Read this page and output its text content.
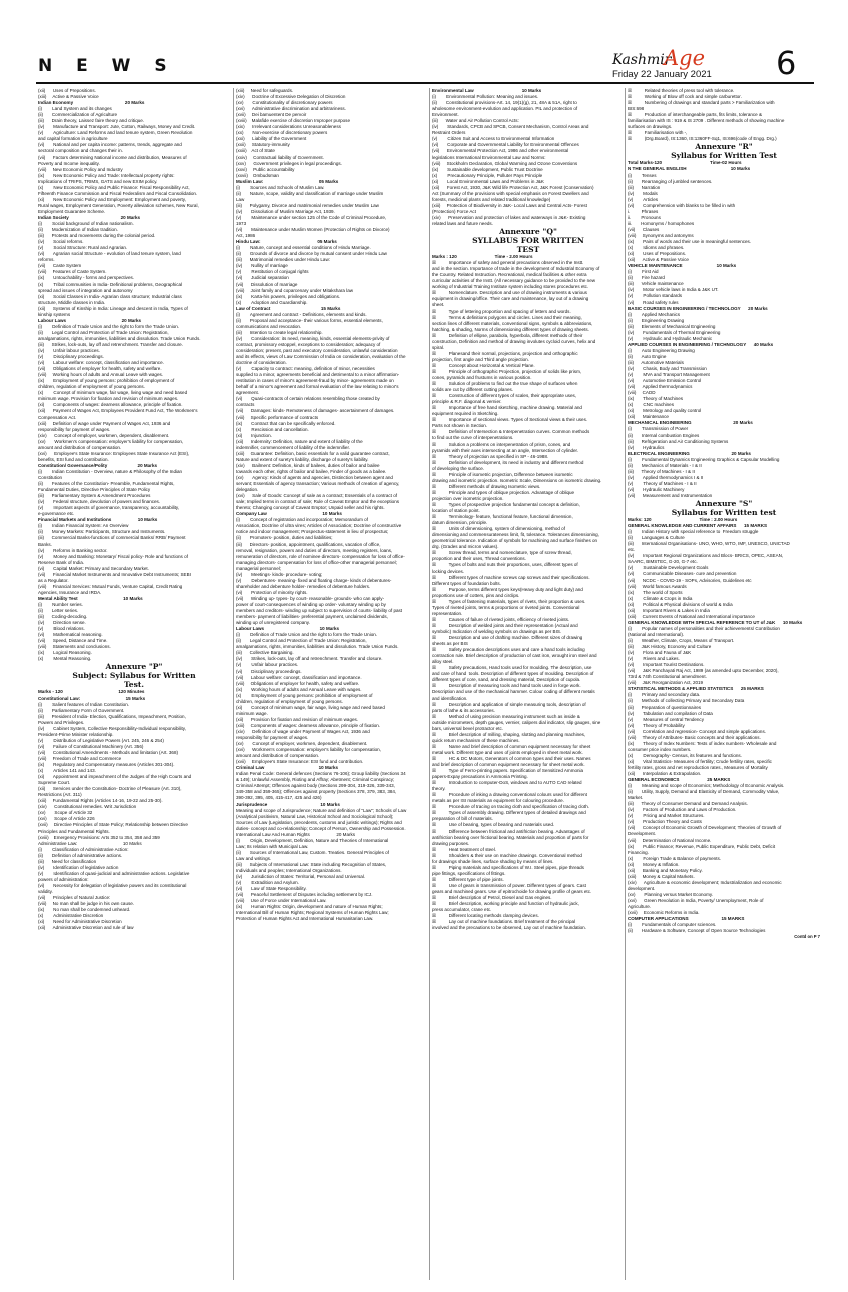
N E W S	Kashmir
Age
Friday 22 January 2021 6

(xii)      Uses of Prepositions.

(xiii)     Active & Passive Voice

Indian Economy                                         20 Marks

(i)        Land System and its changes

(ii)       Commercialization of Agriculture

(iii)      Drain theory, Laissez faire theory and critique.

(iv)       Manufacture and Transport: Jute, Cotton, Railways, Money and Credit.

(v)        Agriculture: Land Reforms and land tenure system, Green Revolution

and capital formation in agriculture

(vi)       National and per capita income: patterns, trends, aggregate and

sectoral composition and changes their in.

(vii)      Factors determining National income and distribution, Measures of

Poverty and Income inequality.

(viii)     New Economic Policy and Industry

(ix)       New Economic Policy and Trade: Intellectual property rights:

Implications of TRIPS, TRIMS, GATS and new EXIM policy.

(x)        New Economic Policy and Public Finance: Fiscal Responsibility Act,

Fifteenth Finance Commission and Fiscal Federalism and Fiscal Consolidation.

(xi)       New Economic Policy and Employment: Employment and poverty,

Rural wages, Employment Generation, Poverty alleviation schemes, New Rural,

Employment Guarantee Scheme.

Indian Society                                         20 Marks

(i)        Social background of Indian nationalism.

(ii)       Modernization of Indian tradition.

(iii)      Protests and movements during the colonial period.

(iv)       Social reforms.

(v)        Social Structure: Rural and Agrarian.

(vi)       Agrarian social Structure - evolution of land tenure system, land

reforms.

(vii)      Caste System

(viii)     Features of Caste System.

(ix)       Untouchability - forms and perspectives.

(x)        Tribal communities in India- Definitional problems, Geographical

spread and issues of integration and autonomy

(xi)       Social Classes in India- Agrarian class structure; Industrial class

structure, Middle classes in India.

(xii)      Systems of Kinship in India: Lineage and descent in India, Types of

kinship systems

Labour Laws                                            20 Marks

(i)        Definition of Trade Union and the right to form the Trade Union.

(ii)       Legal Control and Protection of Trade Union: Registration,

amalgamations, rights, immunities, liabilities and dissolution. Trade Union Funds.

(iii)      Strikes, lock-outs, lay off and retrenchment. Transfer and closure.

(iv)       Unfair labour practices.

(v)        Disciplinary proceedings.

(vi)       Labour welfare: concept, classification and importance.

(vii)      Obligations of employer for health, safety and welfare.

(viii)     Working hours of adults and Annual Leave with wages.

(ix)       Employment of young persons: prohibition of employment of

children, regulation of employment of young persons.

(x)        Concept of minimum wage, fair wage, living wage and need based

minimum wage. Provision for fixation and revision of minimum wages.

(xi)       Components of wages: dearness allowance, principle of fixation.

(xii)      Payment of Wages Act, Employees Provident Fund Act, The Workmen's

Compensation Act.

(xiii)     Definition of wage under Payment of Wages Act, 1936 and

responsibility for payment of wages.

(xiv)      Concept of employer, workmen, dependent, disablement.

(xv)       Workmen's compensation: employer's liability for compensation,

amount and distribution of compensation.

(xvi)      Employee's State Insurance: Employees State Insurance Act (ESI),

benefits, ESI fund and contribution.

Constitution/ Governance/Polity                        20 Marks

(i)        Indian Constitution - Overview, nature & Philosophy of the Indian

Constitution

(ii)       Features of the Constitution- Preamble, Fundamental Rights,

Fundamental Duties, Directive Principles of State Policy

(iii)      Parliamentary System & Amendment Procedures

(iv)       Federal structure, devolution of powers and finances.

(v)        Important aspects of governance, transparency, accountability,

e-governance etc.

Financial Markets and Institutions                     10 Marks

(i)        Indian Financial System: An Overview

(ii)       Money Markets: Participants, Structure and Instruments.

(iii)      Commercial Banks-functions of commercial Banks/ RRB/ Payment

Banks.

(iv)       Reforms in Banking sector.

(v)        Money and Banking: Monetary/ Fiscal policy- Role and functions of

Reserve Bank of India.

(vi)       Capital Market: Primary and Secondary Market.

(vii)      Financial Market Instruments and Innovative Debt Instruments; SEBI

as a Regulator.

(viii)     Financial Services: Mutual Funds, Venture Capital, Credit Rating

Agencies, Insurance and IRDA.

Mental Ability Test                                    10 Marks

(i)        Number series.

(ii)       Letter series.

(iii)      Coding-decoding.

(iv)       Direction sense.

(v)        Blood relations.

(vi)       Mathematical reasoning.

(vii)      Speed, Distance and Time.

(viii)     Statements and conclusions.

(ix)       Logical Reasoning.

(x)        Mental Reasoning.

Annexure "P"

Subject: Syllabus for Written

Test.

Marks - 120                                            120 Minutes

Constitutional Law:                                    15 Marks

(i)        Salient features of Indian Constitution.

(ii)       Parliamentary Form of Government.

(iii)      President of India- Election, Qualifications, Impeachment, Position,

Powers and Privileges.

(iv)       Cabinet System, Collective Responsibility-Individual responsibility,

President-Prime Minister relationship.

(v)        Distribution of Legislative Powers (Art. 245, 246 & 254)

(vi)       Failure of Constitutional Machinery (Art. 356)

(vii)      Constitutional Amendments - Methods and limitation (Art. 368)

(viii)     Freedom of Trade and Commerce

(ix)       Regulatory and Compensatory measures (Articles 301-304).

(x)        Articles 141 and 143.

(xi)       Appointment and impeachment of the Judges of the High Courts and

Supreme Court.

(xii)      Services under the Constitution- Doctrine of Pleasure (Art. 310),

Restrictions (Art. 311)

(xiii)     Fundamental Rights (Articles 14-16, 19-22 and 25-30).

(xiv)      Constitutional remedies. Writ Jurisdiction

(xv)       Scope of Article 32

(xvi)      Scope of Article 226

(xvii)     Directive Principles of State Policy; Relationship between Directive

Principles and Fundamental Rights.

(xviii)    Emergency Provisions: Arts 352 to 354, 358 and 359

Administrative Law:                                    10 Marks

(i)        Classification of Administrative Action:

(ii)       Definition of administrative actions.

(iii)      Need for classification

(iv)       Identification of legislative action

(v)        Identification of quasi-judicial and administrative actions. Legislative

powers of administration:

(vi)       Necessity for delegation of legislative powers and its constitutional

validity.

(vii)      Principles of Natural Justice:

(viii)     No man shall be judge in his own cause.

(ix)       No man shall be condemned unheard.

(x)        Administrative Discretion

(xi)       Need for Administrative Discretion

(xii)      Administrative Discretion and rule of law

(xiii)     Need for safeguards.

(xiv)      Doctrine of Excessive Delegation of Discretion

(xv)       Constitutionality of discretionary powers

(xvi)      Administrative discrimination and arbitrariness.

(xvii)     Dei bamuentent De pervoir

(xviii)    Malafide exercise of discretion Improper purpose

(xix)      Irrelevant considerations Unreasonableness

(xx)       Non-exercise of discretionary powers

(xxi)      Liability of the Government

(xxii)     Statutory-immunity

(xxiii)    Act of State

(xxiv)     Contractual liability of Government.

(xxv)      Government privileges in legal proceedings.

(xxvi)     Public accountability

(xxvii)    Ombudsman

Muslim Law:                                            05 Marks

(i)        Sources and Schools of Muslim Law.

(ii)       Nature, scope, validity and classification of marriage under Muslim

Law

(iii)      Polygamy, Divorce and matrimonial remedies under Muslim Law

(iv)       Dissolution of Muslim Marriage Act, 1939.

(v)        Maintenance under section 125 of the Code of Criminal Procedure,

1973

(vi)       Maintenance under Muslim Women (Protection of Rights on Divorce)

Act, 1986

Hindu Law:                                             05 Marks

(i)        Nature, concept and essential conditions of Hindu Marriage.

(ii)       Grounds of divorce and divorce by mutual consent under Hindu Law

(iii)      Matrimonial remedies under Hindu Law:

(iv)       Nullity of marriage

(v)        Restitution of conjugal rights

(vi)       Judicial separation

(vii)      Dissolution of marriage

(viii)     Joint family and coparcenary under Mitakshara law

(ix)       Karta-his powers, privileges and obligations.

(x)        Adoption and Guardianship.

Law of Contract                                        15 Marks

(i)        Agreement and contract - Definitions, elements and kinds.

(ii)       Proposal and acceptance- their various forms, essential elements,

communications and revocation.

(iii)      Intention to create legal relationship.

(iv)       Consideration: its need, meaning, kinds, essential elements-privity of

contract, promissory estoppel, exceptions to consideration; adequacy of

consideration; present, past and executory consideration, unlawful consideration

and its effects, views of Law Commission of India on consideration, evaluation of the

doctrine of consideration.

(v)        Capacity to contract: meaning, definition of minor, necessities

supplied to a minor, agreements beneficial and detrimental to a minor affirmation-

restitution in cases of minor's agreement-fraud by minor- agreements made on

behalf of a minor's agreement and formal evaluation of the law relating to minor's

agreement.

(vi)       Quasi-contracts of certain relations resembling those created by

contracts

(vii)      Damages: kinds- Remoteness of damages- ascertainment of damages.

(viii)     Specific performance of contracts

(ix)       Contract that can be specifically enforced.

(x)        Rescission and cancellation.

(xi)       Injunction.

(xii)      Indemnity: Definition, nature and extent of liability of the

indemnifier, commencement of liability of the indemnifier.

(xiii)     Guarantee: Definition, basic essentials for a valid guarantee contract,

Nature and extent of surety's liability, discharge of surety's liability.

(xiv)      Bailment: Definition, kinds of bailees, duties of bailor and bailee

towards each other, rights of bailor and bailee, Finder of goods as a bailee.

(xv)       Agency: Kinds of agents and agencies, Distinction between agent and

servant; Essentials of agency transaction; Various methods of creation of agency,

delegation.

(xvi)      Sale of Goods: Concept of sale as a contract; Essentials of a contract of

sale; Implied terms in contract of sale; Rule of Caveat Emptor and the exceptions

thereto; Changing concept of Caveat Emptor; Unpaid seller and his rights.

Company Law                                            10 Marks

(i)        Concept of registration and incorporation; Memorandum of

Association, Doctrine of ultra vires; Articles of Association; Doctrine of constructive

notice and indoor management; Prospectus-statement in lieu of prospectus;

(ii)       Promoters- position, duties and liabilities;

(iii)      Directors- position, appointment, qualifications, vacation of office,

removal, resignation, powers and duties of directors, meeting registers, loans,

remuneration of directors, role of nominee directors- compensation for loss of office-

managing directors- compensation for loss of office-other managerial personnel;

managerial personnel;

(iv)       Meetings- kinds- procedure- voting;

(v)        Debentures- meaning- fixed and floating charge- kinds of debentures-

shareholder and debenture holder- remedies of debenture holders.

(vi)       Protection of minority rights.

(vii)      Winding up- types- by court- reasonable- grounds- who can apply-

power of court-consequences of winding up order- voluntary winding up by

members and creditors- winding up subject to supervision of courts- liability of past

members- payment of liabilities- preferential payment, unclaimed dividends,

winding up of unregistered company.

Labour Laws                                            10 Marks

(i)        Definition of Trade Union and the right to form the Trade Union.

(ii)       Legal Control and Protection of Trade Union: Registration,

amalgamations, rights, immunities, liabilities and dissolution. Trade Union Funds.

(iii)      Collective Bargaining.

(iv)       Strikes, lock-outs, lay off and retrenchment. Transfer and closure.

(v)        Unfair labour practices.

(vi)       Disciplinary proceedings.

(vii)      Labour welfare: concept, classification and importance.

(viii)     Obligations of employer for health, safety and welfare.

(ix)       Working hours of adults and Annual Leave with wages.

(x)        Employment of young persons: prohibition of employment of

children, regulation of employment of young persons.

(xi)       Concept of minimum wage, fair wage, living wage and need based

minimum wage.

(xii)      Provision for fixation and revision of minimum wages.

(xiii)     Components of wages: dearness allowance, principle of fixation.

(xiv)      Definition of wage under Payment of Wages Act, 1936 and

responsibility for payment of wages.

(xv)       Concept of employer, workmen, dependent, disablement.

(xvi)      Workmen's compensation: employer's liability for compensation,

amount and distribution of compensation.

(xvii)     Employee's State Insurance: ESI fund and contribution.

Criminal Law                                           10 Marks

Indian Penal Code: General defences (Sections 76-106); Group liability (Sections 34

& 149); Unlawful Assembly, Rioting and Affray; Abetment; Criminal Conspiracy;

Criminal Attempt; Offences against body (Sections 299-304, 319-326, 339-343,

349-358 and 359-365); Offences against property (Sections 378, 379, 383, 384,

390-392, 395, 405, 415-417, 425 and 426)

Jurisprudence                                          10 Marks

Meaning and scope of Jurisprudence; Nature and definition of "Law"; Schools of Law

(Analytical positivism, Natural Law, Historical School and Sociological School);

Sources of Law (Legislation, precedents, customs and juristic writings); Rights and

duties- concept and co-relationship; Concept of Person, Ownership and Possession.

International Law And Human Rights                     20 Marks

(i)        Origin, Development, Definition, Nature and Theories of International

Law; Its relation with Municipal Law.

(ii)       Sources of International Law, Custom. Treaties. General Principles of

Law and writings.

(iii)      Subjects of International Law: State including Recognition of States,

Individuals and peoples; International Organizations.

(iv)       Jurisdiction of States: Territorial, Personal and Universal.

(v)        Extradition and Asylum.

(vi)       Law of State Responsibility.

(vii)      Peaceful Settlement of Disputes including settlement by ICJ.

(viii)     Use of Force under International Law.

(ix)       Human Rights: Origin, development and nature of Human Rights;

International Bill of Human Rights; Regional Systems of Human Rights Law;

Protection of Human Rights Act and International Humanitarian Law.

Environmental Law                                      10 Marks

(i)        Environmental Pollution: Meaning and issues.

(ii)       Constitutional provisions-Art. 14, 19(1)(g), 21, 48A & 51A, right to

wholesome environment-evolution and application. PIL and protection of

Environment.

(iii)      Water and Air Pollution Control Acts:

(iv)       Standards, CPCB and SPCB, Consent Mechanism, Control Areas and

Restraint Orders

(v)        Citizen Suit and Access to Environmental Information

(vi)       Corporate and Governmental Liability for Environmental Offences

(vii)      Environmental Protection Act, 1986 and other environmental

legislations International Environmental Law and Norms:

(viii)     Stockholm Declaration, Global Warming and Ozone Conventions

(ix)       Sustainable development, Public Trust Doctrine

(x)        Precautionary Principle, Polluter Pays Principle

(xi)       Local Environmental Laws and Problems in J&K

(xii)      Forest Act, 1930, J&K Wild life Protection Act, J&K Forest (Conservation)

Act (Summary of the provisions with special emphasis on Forest Dwellers and

forests, medicinal plants and related traditional knowledge)

(xiii)     Protection of Biodiversity in J&K- Local Laws and Central Acts- Forest

(Protection) Force Act

(xiv)      Preservation and protection of lakes and waterways in J&K- Existing

related laws and future needs.

Annexure "Q"

SYLLABUS FOR WRITTEN

TEST

Marks : 120                              Time - 2.00 Hours

☒          Importance of safety and general precautions observed in the Instt.

and in the section. Importance of trade in the development of Industrial Economy of

the Country. Related Instruction. Recreational, medical facilities & other extra

curricular activities of the Instt. (All necessary guidance to be provided to the new

working of Industrial Training Institute system including stores procedures etc.

☒          Nomenclature. Description and use of drawing instruments & various

equipment in drawing/office. Their care and maintenance, lay out of a drawing

sheet.

☒          Type of lettering proportion and spacing of letters and words.

☒          Terms & definitions polygons and circles. Lines and their meaning,

section lines of different materials, conventional signs, symbols & abbreviations,

hatching, & shading, Norms of dimensioning different types of drawing sheets.

☒          Definition of ellipse, parabola, hyperbola, different methods of their

construction, Definition and method of drawing involutes cycloid curves, helix and

spiral.

☒          Planesand their normal, projections, projection and orthographic

projection, first angle and Third angle projection.

☒          Concept about Horizontal & Vertical Plane.

☒          Principle of orthographic Projection, projection of solids like prism,

cones, pyramids and frustums in various position.

☒          Solution of problems to find out the true shape of surfaces when

solids are cut by different cutting planes.

☒          Construction of different types of scales, their appropriate uses,

principle & R.F. diagonal & vernier.

☒          Importance of free hand sketching, machine drawing. Material and

equipment required in Sketching.

☒          Importance of sectional views. Types of Sectional views & their uses.

Parts not shown in Section.

☒          Definition of Intersection & Interpenetration curves. Common methods

to find out the curve of interpenetrations.

☒          Solution a problems on interpenetration of prism, cones, and

pyramids with their axes intersecting at an angle, Intersection of cylinder.

☒          Theory of projection as specified in SP - 46-1988.

☒          Definition of development, its need in industry and different method

of developing the surface.

☒          Principle of isometric projection, Difference between isometric

drawing and isometric projection. Isometric Scale, Dimensions on isometric drawing.

☒          Different methods of drawing Isometric views.

☒          Principle and types of oblique projection. Advantage of oblique

projection over isometric projection.

☒          Types of prospective projection fundamental concept & definition,

location of station point.

☒          Terminology- feature, functional feature, functional dimension,

datum dimension, principle.

☒          Units of dimensioning, system of dimensioning, method of

dimensioning and commensurateness limit, fit, tolerance. Tolerances dimensioning,

geometrical tolerance. Indication of symbols for machining and surface finishes on

drg. (Grades and micron values).

☒          Screw thread, terms and nomenclature, type of screw thread,

proportion and their uses, Thread conventions.

☒          Types of bolts and nuts their proportions, uses, different types of

locking devices.

☒          Different types of machine screws cap screws and their specifications.

Different types of foundation bolts.

☒          Purpose, terms different types keys(Heavy duty and light duty) and

proportions use of cotters, pins and circlips.

☒          Types of fastening materials, types of rivets, their proportion & uses.

Types of riveted joints, terms & proportions or riveted joints. Conventional

representation.

☒          Causes of failure of riveted joints, efficiency of riveted joints.

☒          Description of welded joints and their representation (Actual and

symbolic) Indication of welding symbols on drawings as per BIS.

☒          Description and use of drafting machine. Different sizes of drawing

sheets as per BIS

☒          Safety precaution descriptions uses and care a hand tools including

contraction rule. Brief description of production of cast iron, wrought iron steel and

alloy steel.

☒          Safety precautions, Hand tools used for moulding. The description, use

and care of hand  tools. Description of different types of moulding. Description of

different types of core, sand, and dressing material, Description of cupola.

☒          Description of measuring tools and hand tools used in forge work.

Description and use of the mechanical hammer. Colour coding of different metals

and identification.

☒          Description and application of simple measuring tools, description of

parts of lathe & its accessories.

☒          Method of using precision measuring instrument such as inside &

outside micrometers, depth gauges, vernier, calipers dial indicator, slip gauges, sine

bars, universal bevel protractor etc.

☒          Brief description of milling, shaping, slotting and planning machines,

quick return mechanism of these machines.

☒          Name and brief description of common equipment necessary for sheet

metal work. Different type and uses of joints employed in sheet metal work.

☒          HC & DC Motors, Generators of common types and their uses. Names

and brief description of common equipment necessary for sheet metal work.

☒          Type of Ferro-printing papers. Specification of Sensitized Ammonia

papers-Expay precautions in Ammonia Printing.

☒          Introduction to computer-DoS, windows and to AUTO CAD related

theory.

☒          Procedure of inking a drawing conventional colours used for different

metals as per ISI materials an equipment for colouring procedure.

☒          Procedure of tracing on tracing cloth and specification of tracing cloth.

☒          Types of assembly drawing. Different types of detailed drawings and

preparation of bill of materials.

☒          Use of bearing, types of bearing and materials used.

☒          Difference between frictional and antifriction bearing. Advantages of

antifriction bearing over frictional bearing. Materials and proportion of parts for

drawing purposes.

☒          Heat treatment of steel.

☒          Shoulders & their use on machine drawings. Conventional method

for drawings shade lines, surface shading by means of lines.

☒          Piping materials and specifications of W.I. Steel pipes, pipe threads

pipe fittings, specifications of fittings.

☒          Different type of pipe joints.

☒          Use of gears in transmission of power. Different types of gears. Cast

gears and machined gears. Use of epitrochoide for drawing profile of gears etc.

☒          Brief description of Petrol, Diesel and Gas engines.

☒          Brief description, working principle and function of hydraulic jack,

press accumulator, crane etc.

☒          Different locating methods clamping devices.

☒          Lay out of machine foundations. Brief treatment of the principal

involved and the precautions to be observed, Lay out of machine foundation.

☒          Related theories of press tool with tolerance.

☒          Working of Blow off cock and simple carburettor.

☒          Numbering of drawings and standard parts > Familiarization with

BIS:698

☒          Production of interchangeable parts, fits limits, tolerance &

familiarisation with IS : 919 & IS 2709 . Different methods of showing machine

surfaces on drawings.

☒          Familiarisation with -,

☒          (Drg.Board), IS:1360, IS:1360FF-Sq1, IS:696(code of Engg. Drg.)

Annexure "R"

Syllabus for Written Test

Total Marks-120                                      Time-02 Hours

N THE GENERAL ENGLISH                                   10 Marks

(i)        Tenses

(ii)       Rearranging of jumbled sentences.

(iii)      Narration

(iv)       Modals

(v)        Articles

(vi)       Comprehension with blanks to be filled in with

i.         Phrases

ii.        Pronouns

iii.       Homonyms / homophones

(vii)      Clauses

(viii)     Synonyms and antonyms

(ix)       Pairs of words and their use in meaningful sentences.

(x)        Idioms and phrases.

(xi)       Uses of Prepositions.

(xii)      Active & Passive Voice

VEHICLE MAINTENANCE                           10 Marks

(i)        First Aid

(ii)       Fire hazard

(iii)      Vehicle maintenance

(iv)       Motor vehicle laws in India & J&K UT.

(v)        Pollution standards

(vi)       Road safety rules

BASIC COURSES IN ENGINEERING / TECHNOLOGY      20 Marks

(i)        Applied Mechanics

(ii)       Engineering Drawing

(iii)      Elements of Mechanical Engineering

(iv)       Fundamentals of Thermal Engineering

(v)        Hydraulic and Hydraulic Mechanic

APPLIED COURSES IN ENGINEERING / TECHNOLOGY      40 Marks

(i)        Auto Engineering Drawing

(ii)       Auto Engine

(iii)      Automotive Materials

(iv)       Chasis, Body and Transmission

(v)        MVA and Transport Management

(vi)       Automotive Emission Control

(vii)      Applied thermodynamics

(viii)     CADD

(ix)       Theory of Machines

(x)        CNC machines

(xi)       Metrology and quality control

(xii)      Maintenance

MECHANICAL ENGINEERING                                 20 Marks

(i)        Transmission of Power

(ii)       Internal combustion Engines

(iii)      Refrigeration and Air Conditioning Systems

(iv)       Hydraulics

ELECTRICAL ENGINEERING                                 20 Marks

(i)        Fundamental Dynamics Engineering Graphics & Capsular Modelling

(ii)       Mechanics of Materials - I & II

(iii)      Theory of Machines - I & II

(iv)       Applied thermodynamics I & II

(v)        Theory of Machines - I & II

(vi)       Hydraulic Machinery

(vii)      Measurement and Instrumentation

Annexure "S"

Syllabus for Written test

Marks: 120                                      Time : 2.00 Hours

GENERAL KNOWLEDGE AND CURRENT AFFAIRS      15 MARKS

(i)        Indian History with special reference to  Freedom struggle

(ii)       Languages & Culture

(iii)      International Organisations- UNO, WHO, WTO, IMF, UNESCO, UNICTAD

etc.

(iv)       Important Regional Organizations and Blocs- BRICS, OPEC, ASEAN,

SAARC, BIMSTEC, G-20, G-7 etc.

(v)        Sustainable Development Goals

(vi)       Communicable Diseases- cure and prevention

(vii)      NCDC - COVID-19 - SOPs, Advisories, Guidelines etc

(viii)     World famous Awards

(ix)       The world of Sports

(x)        Climate & Crops in India

(xi)       Political & Physical divisions of world & India

(xii)      Important Rivers & Lakes in India

(xiii)     Current Events of National and International importance

GENERAL KNOWLEDGE WITH SPECIAL REFERENCE TO UT of J&K      10 Marks

(i)        Popular names of personalities and their achievements/ Contribution

(National and International).

(ii)       Weather, Climate, Crops, Means of Transport.

(iii)      J&K History, Economy and Culture

(iv)       Flora and Fauna of J&K

(v)        Rivers and Lakes.

(vi)       Important Tourist Destinations.

(vii)      J&K Panchayati Raj Act, 1989 (as amended upto December, 2020),

73rd & 74th Constitutional amendment.

(viii)     J&K Reorganization Act, 2019

STATISTICAL METHODS & APPLIED STATISTICS      25 MARKS

(i)        Primary and secondary data.

(ii)       Methods of collecting Primary and Secondary Data

(iii)      Preparation of questionnaires

(iv)       Tabulation and compilation of Data

(v)        Measures of central Tendency

(vi)       Theory of Probability

(vii)      Correlation and regression- Concept and simple applications.

(viii)     Theory of Attributes- Basic concepts and their applications.

(ix)       Theory of Index Numbers: Tests of index numbers- Wholesale and

consumer price index numbers.

(x)        Demography- Census, its features and functions.

(xi)       Vital Statistics- Measures of fertility; Crude fertility rates, specific

fertility rates, gross and net reproduction rates., Measures of Mortality

(xii)      Interpolation & Extrapolation.

GENERAL ECONOMICS                      25 MARKS

(i)        Meaning and scope of Economics; Methodology of Economic Analysis.

(ii)       Utility, Supply, Demand and Elasticity of Demand, Commodity Value,

Market.

(iii)      Theory of Consumer Demand and Demand Analysis.

(iv)       Factors of Production and Laws of Production.

(v)        Pricing and Market Structures.

(vi)       Production Theory and Costs

(vii)      Concept of Economic Growth of Development; Theories of Growth of

Development.

(viii)     Determination of National Income.

(ix)       Public Finance; Revenue, Public Expenditure, Public Debt, Deficit

Financing.

(x)        Foreign Trade & Balance of payments.

(xi)       Money & Inflation.

(xii)      Banking and Monetary Policy.

(xiii)     Money & Capital Markets.

(xiv)      Agriculture & economic development; Industrialization and economic

development.

(xv)       Planning versus Market Economy.

(xvi)      Green Revolution in India, Poverty/ Unemployment, Role of

Agriculture.

(xvii)     Economic Reforms in India.

COMPUTER APPLICATIONS                          15 MARKS

(i)        Fundamentals of computer sciences.

(ii)       Hardware & Software, Concept of Open Source Technologies

Contd on P 7
